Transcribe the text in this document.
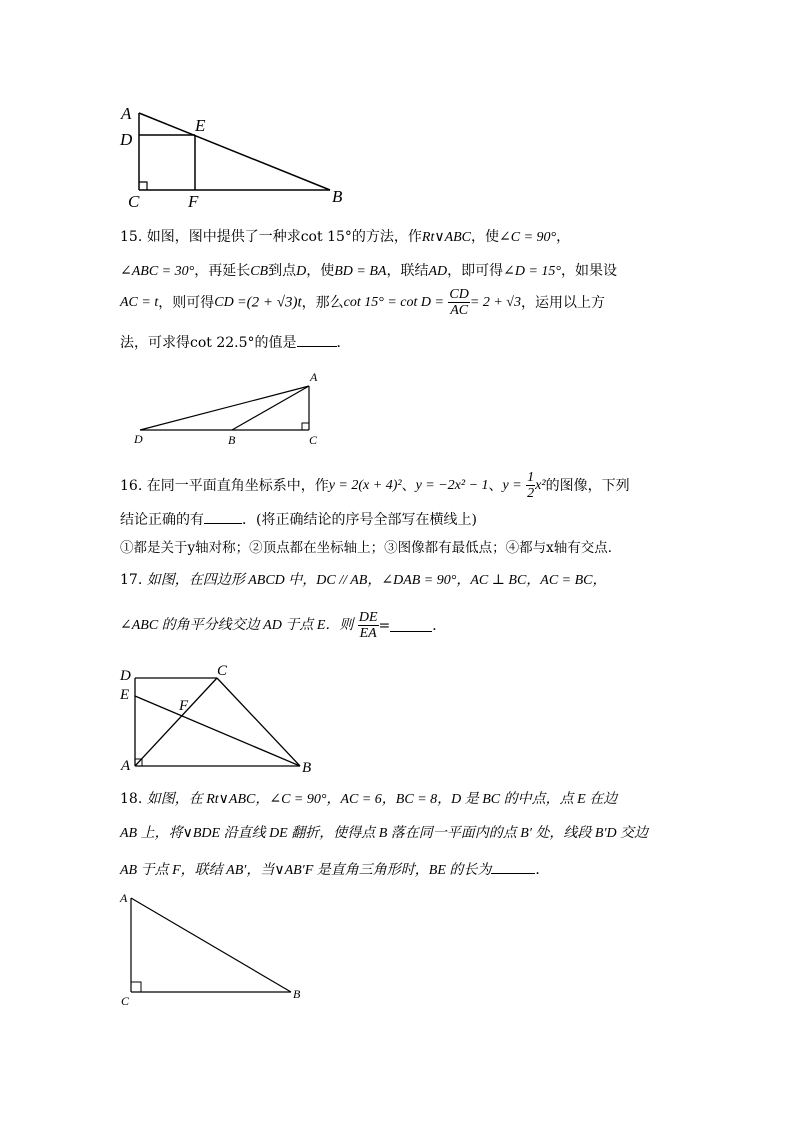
A
D
E
C	F	B
15. 如图，图中提供了一种求cot 15°的方法，作Rt∨ABC，使∠C = 90°，
∠ABC = 30°，再延长CB到点D，使BD = BA，联结AD，即可得∠D = 15°，如果设
AC = t，则可得CD =(2 + √3)t，那么$\cot 15^\circ = \cot D = \frac{CD}{AC} = 2 + √3$，运用以上方
法，可求得cot 22.5°的值是	．
A
D	B	C
16. 在同一平面直角坐标系中，作y = 2(x + 4)²、y = −2x² − 1、$y = \frac{1}{2} x^2$的图像，下列
结论正确的有	．(将正确结论的序号全部写在横线上)
①都是关于y轴对称；②顶点都在坐标轴上；③图像都有最低点；④都与x轴有交点．
17. 如图，在四边形 ABCD 中，DC // AB，∠DAB = 90°，AC ⊥ BC，AC = BC，
∠ABC 的角平分线交边 AD 于点 E．则 $\frac{DE}{EA}$ =	．
D	C
E
F
A	B
18. 如图，在 Rt∨ABC，∠C = 90°，AC = 6，BC = 8，D 是 BC 的中点，点 E 在边
AB 上，将∨BDE 沿直线 DE 翻折，使得点 B 落在同一平面内的点 B′ 处，线段 B′D 交边
AB 于点 F，联结 AB′，当∨AB′F 是直角三角形时，BE 的长为	．
A
C	B
